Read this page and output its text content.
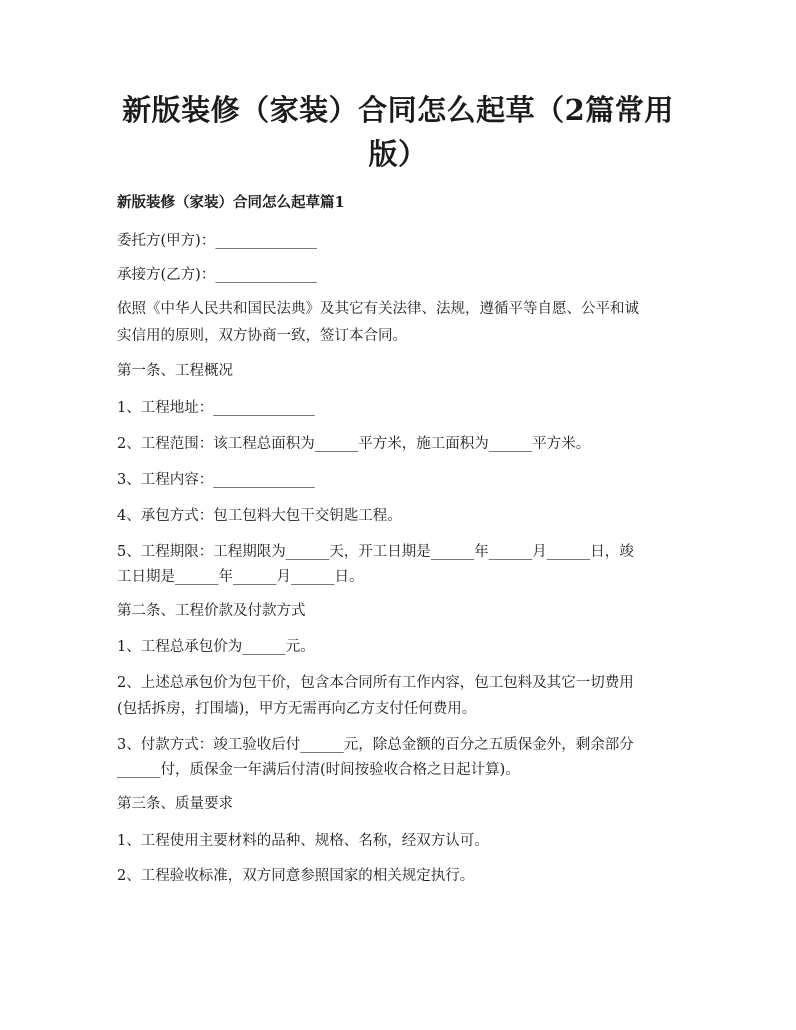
新版装修（家装）合同怎么起草（2篇常用
版）
新版装修（家装）合同怎么起草篇1

委托方(甲方)：______________

承接方(乙方)：______________

依照《中华人民共和国民法典》及其它有关法律、法规，遵循平等自愿、公平和诚

实信用的原则，双方协商一致，签订本合同。

第一条、工程概况

1、工程地址：______________

2、工程范围：该工程总面积为______平方米，施工面积为______平方米。

3、工程内容：______________

4、承包方式：包工包料大包干交钥匙工程。

5、工程期限：工程期限为______天，开工日期是______年______月______日，竣

工日期是______年______月______日。

第二条、工程价款及付款方式

1、工程总承包价为______元。

2、上述总承包价为包干价，包含本合同所有工作内容，包工包料及其它一切费用

(包括拆房，打围墙)，甲方无需再向乙方支付任何费用。

3、付款方式：竣工验收后付______元，除总金额的百分之五质保金外，剩余部分

______付，质保金一年满后付清(时间按验收合格之日起计算)。

第三条、质量要求

1、工程使用主要材料的品种、规格、名称，经双方认可。

2、工程验收标准，双方同意参照国家的相关规定执行。
